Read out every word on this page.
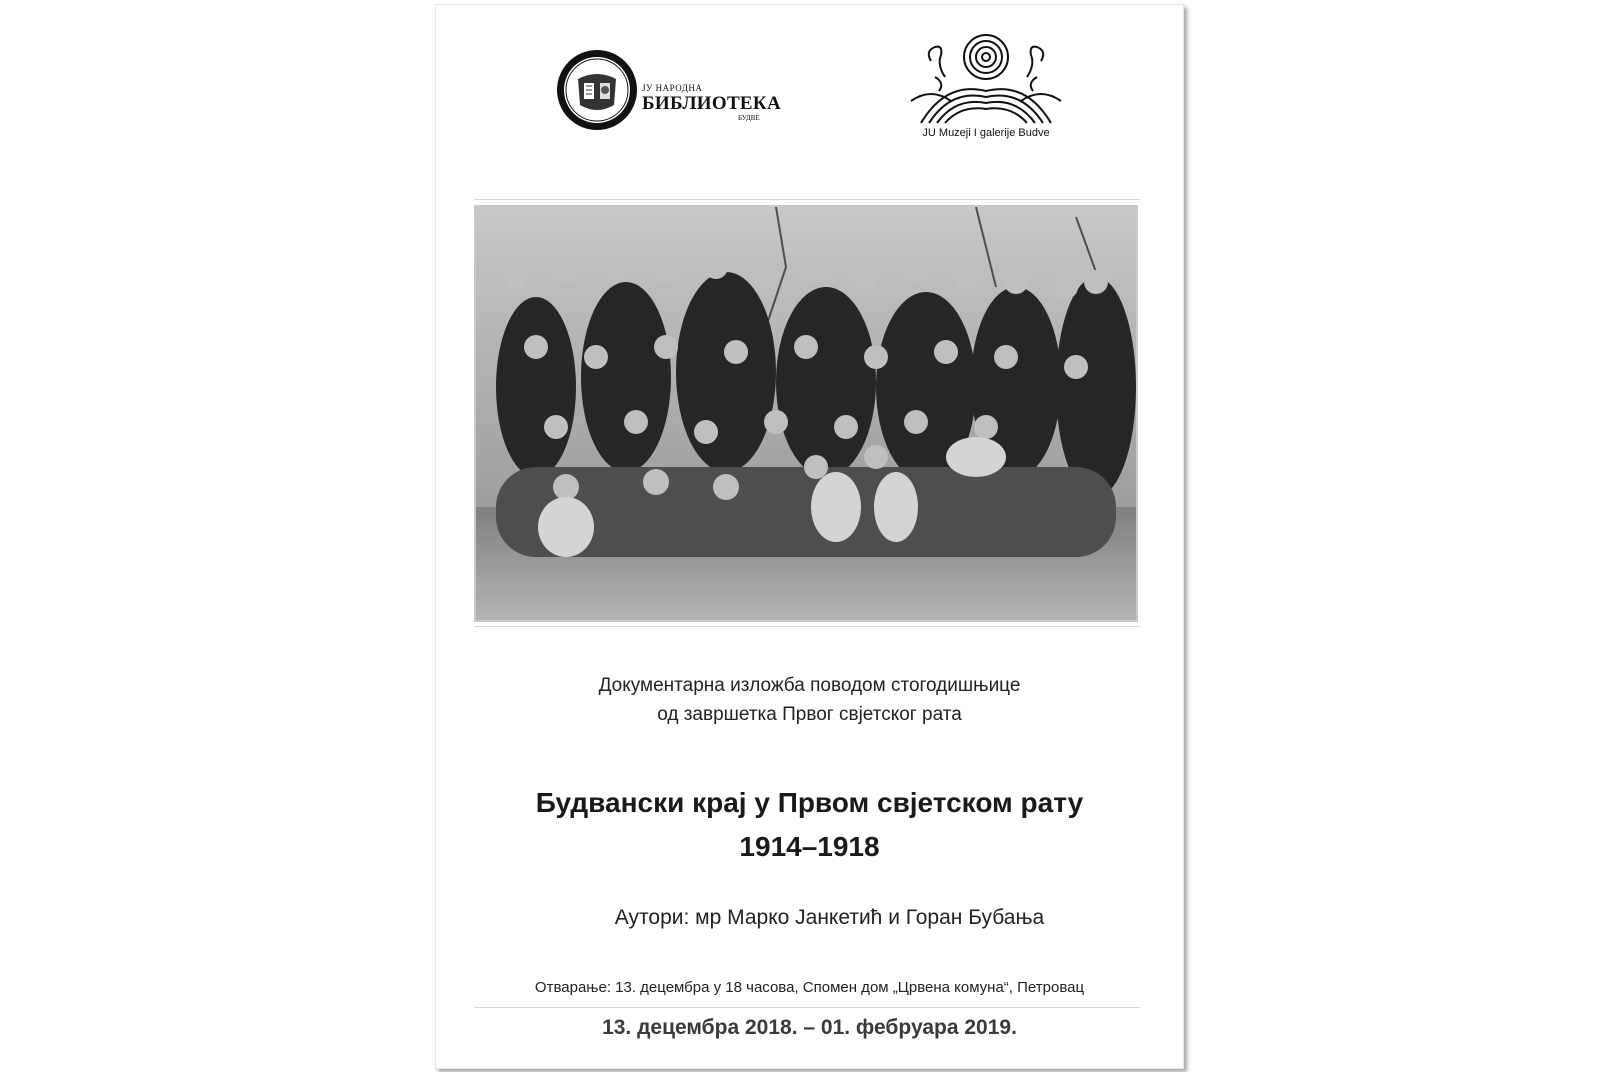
ЈУ НАРОДНА
БИБЛИОТЕКА
БУДВЕ
JU Muzeji I galerije Budve
Документарна изложба поводом стогодишњице
од завршетка Првог свјетског рата
Будвански крај у Првом свјетском рату
1914–1918
Аутори: мр Марко Јанкетић и Горан Бубања
Отварање: 13. децембра у 18 часова, Спомен дом „Црвена комуна“, Петровац
13. децембра 2018. – 01. фебруара 2019.
